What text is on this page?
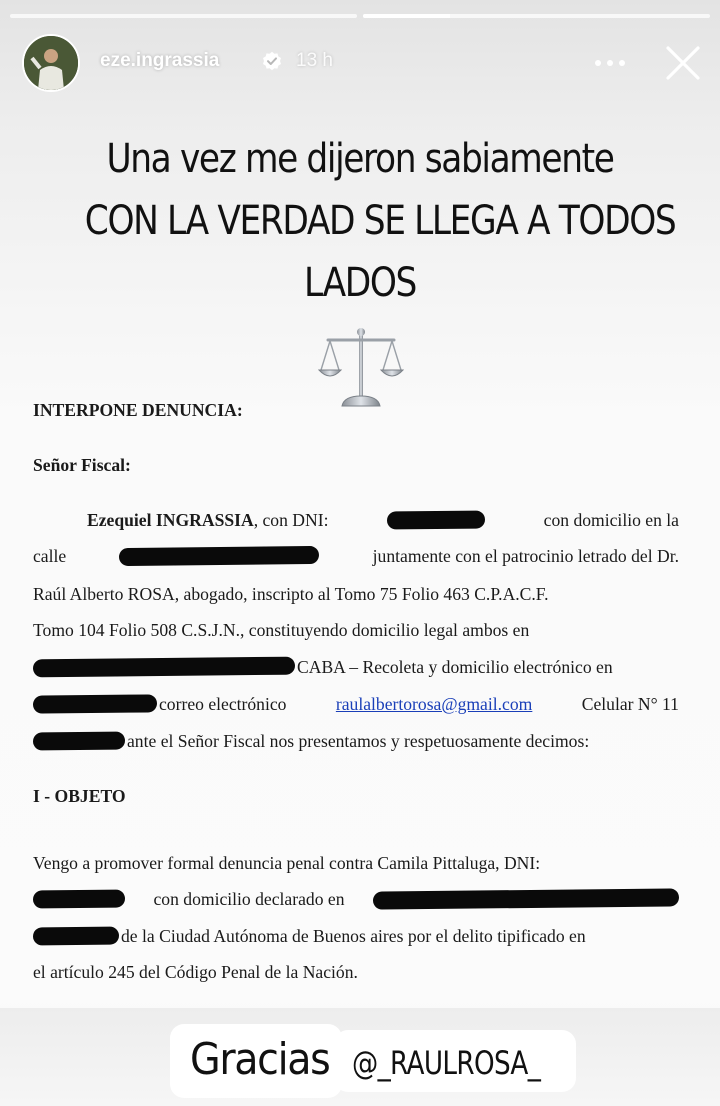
eze.ingrassia	13 h
Una vez me dijeron sabiamente
CON LA VERDAD SE LLEGA A TODOS
LADOS
INTERPONE DENUNCIA:
Señor Fiscal:
Ezequiel INGRASSIA, con DNI:	con domicilio en la
calle	juntamente con el patrocinio letrado del Dr.
Raúl Alberto ROSA, abogado, inscripto al Tomo 75 Folio 463 C.P.A.C.F.
Tomo 104 Folio 508 C.S.J.N., constituyendo domicilio legal ambos en
CABA – Recoleta y domicilio electrónico en
correo electrónico	raulalbertorosa@gmail.com	Celular N° 11
ante el Señor Fiscal nos presentamos y respetuosamente decimos:
I - OBJETO
Vengo a promover formal denuncia penal contra Camila Pittaluga, DNI:
con domicilio declarado en
de la Ciudad Autónoma de Buenos aires por el delito tipificado en
el artículo 245 del Código Penal de la Nación.
Gracias @_RAULROSA_
